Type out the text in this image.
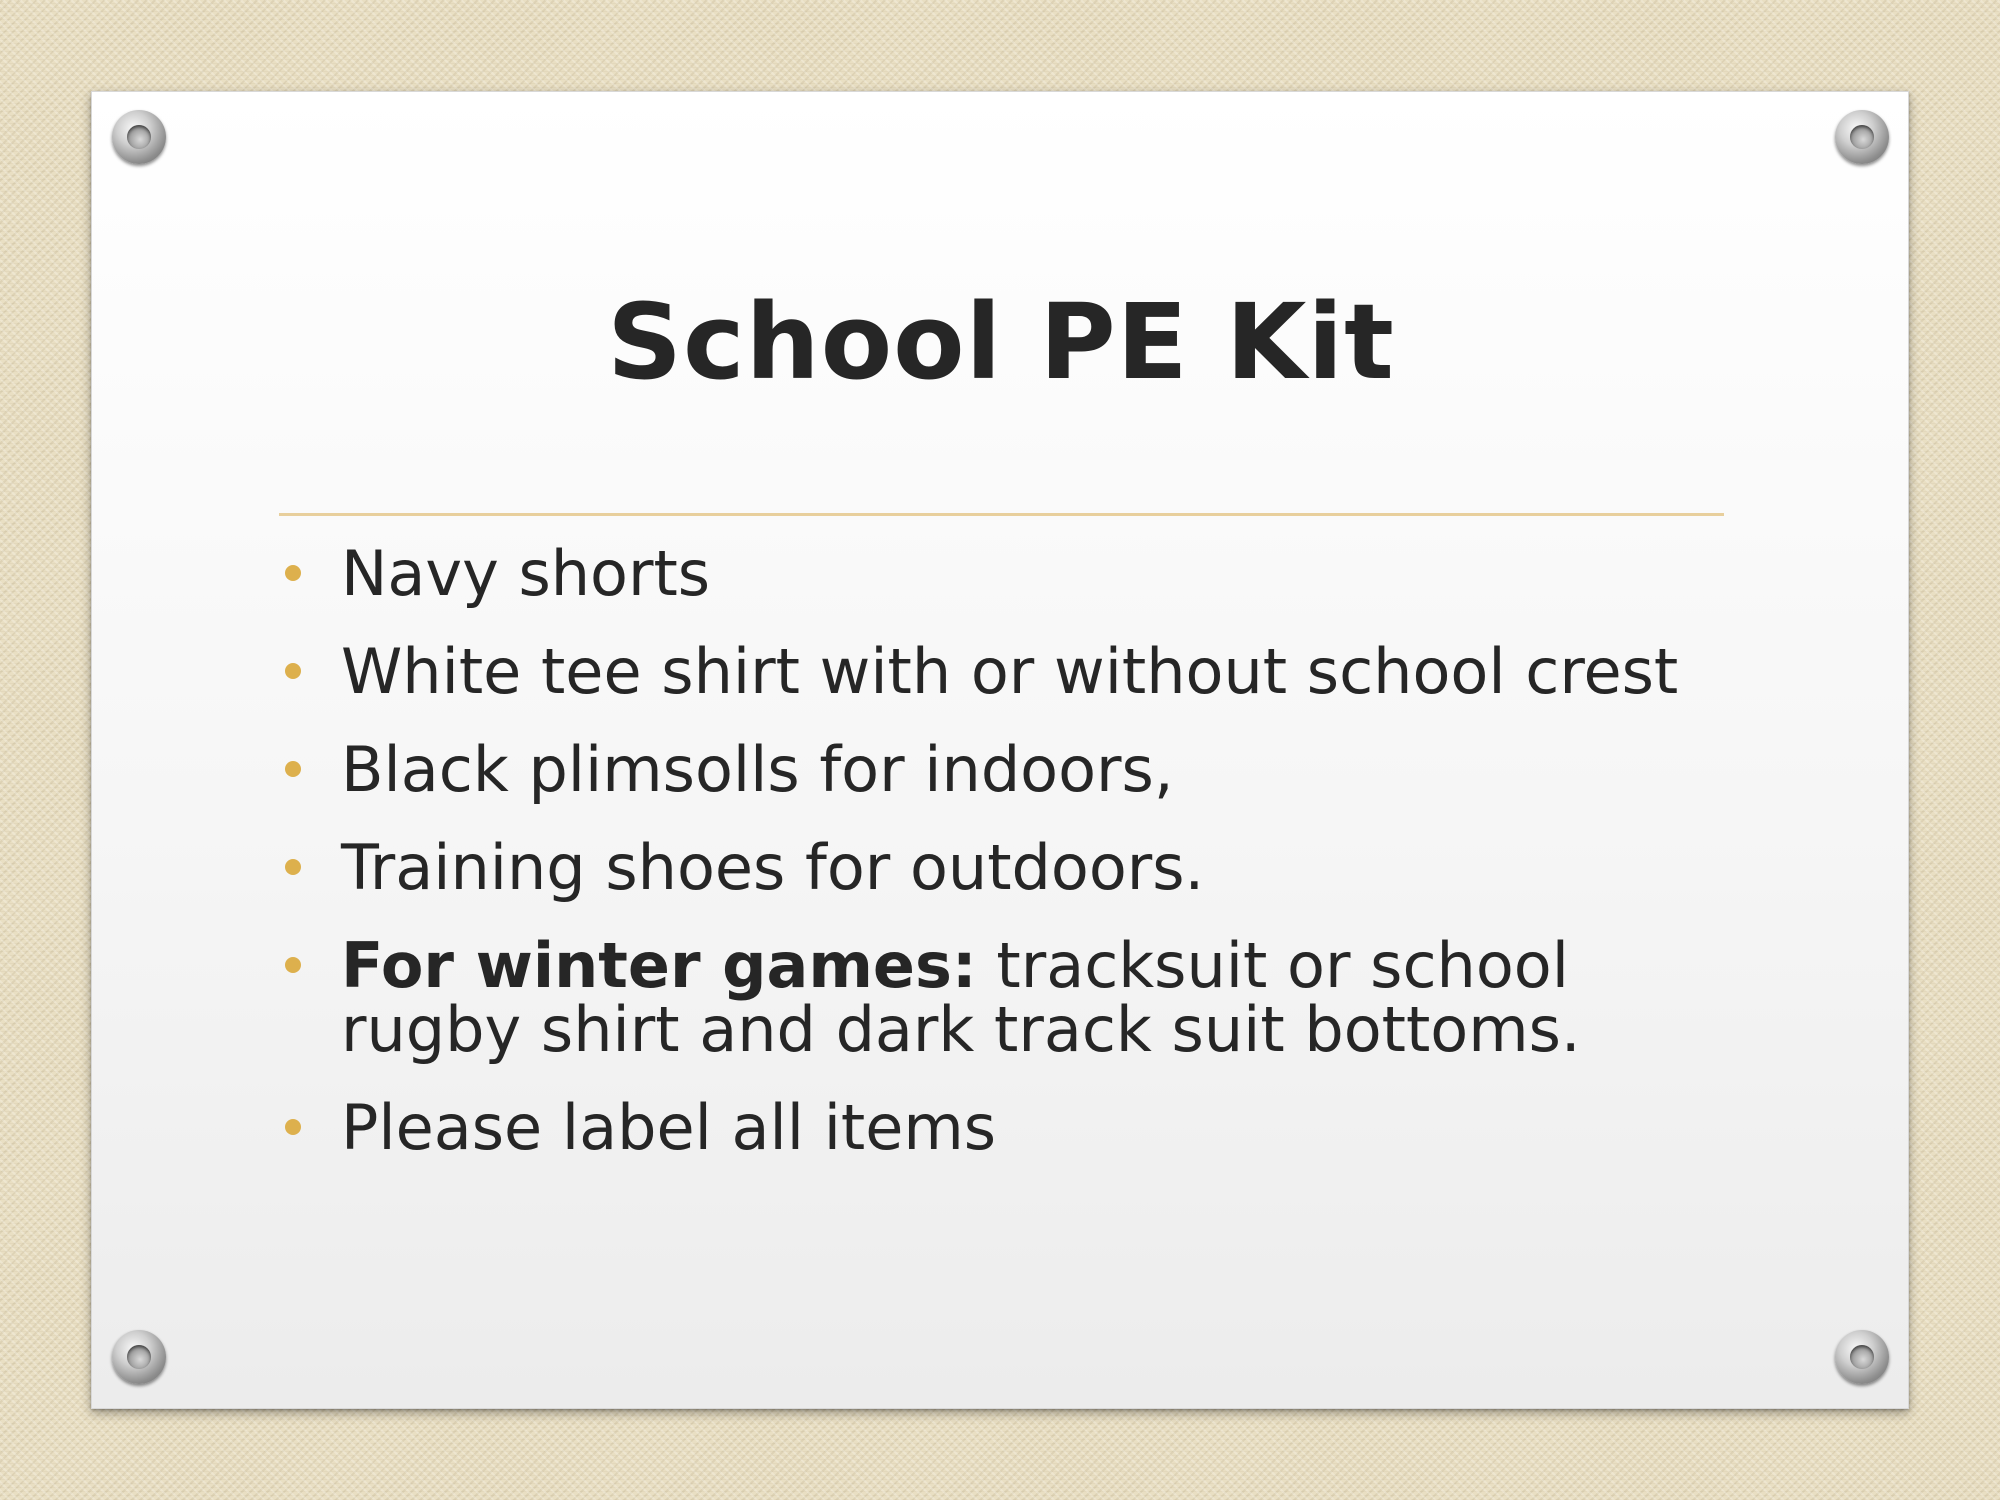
School PE Kit
Navy shorts
White tee shirt with or without school crest
Black plimsolls for indoors,
Training shoes for outdoors.
For winter games: tracksuit or school rugby shirt and dark track suit bottoms.
Please label all items
